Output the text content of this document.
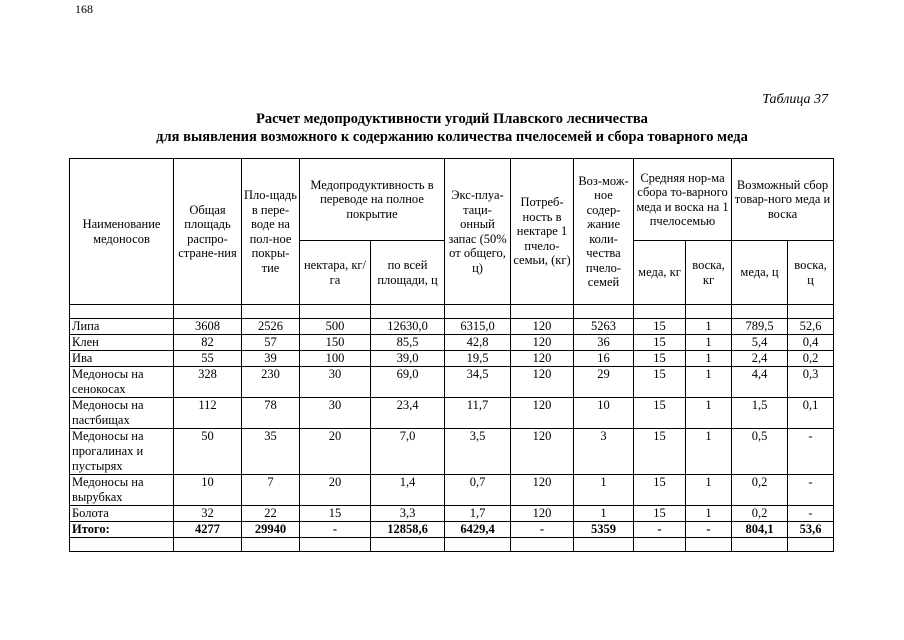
168
Таблица 37
Расчет медопродуктивности угодий Плавского лесничества
для выявления возможного к содержанию количества пчелосемей и сбора товарного меда
Наименование медоносов	Общая площадь распро-стране-ния	Пло-щадь в пере-воде на пол-ное покры-тие	Медопродуктивность в переводе на полное покрытие		Экс-плуа-таци-онный запас (50% от общего, ц)	Потреб-ность в нектаре 1 пчело-семьи, (кг)	Воз-мож-ное содер-жание коли-чества пчело-семей	Средняя нор-ма сбора то-варного меда и воска на 1 пчелосемью		Возможный сбор товар-ного меда и воска	
			нектара, кг/га	по всей площади, ц				меда, кг	воска, кг	меда, ц	воска, ц

Липа	3608	2526	500	12630,0	6315,0	120	5263	15	1	789,5	52,6
Клен	82	57	150	85,5	42,8	120	36	15	1	5,4	0,4
Ива	55	39	100	39,0	19,5	120	16	15	1	2,4	0,2
Медоносы на сенокосах	328	230	30	69,0	34,5	120	29	15	1	4,4	0,3
Медоносы на пастбищах	112	78	30	23,4	11,7	120	10	15	1	1,5	0,1
Медоносы на прогалинах и пустырях	50	35	20	7,0	3,5	120	3	15	1	0,5	-
Медоносы на вырубках	10	7	20	1,4	0,7	120	1	15	1	0,2	-
Болота	32	22	15	3,3	1,7	120	1	15	1	0,2	-
Итого:	4277	29940	-	12858,6	6429,4	-	5359	-	-	804,1	53,6
